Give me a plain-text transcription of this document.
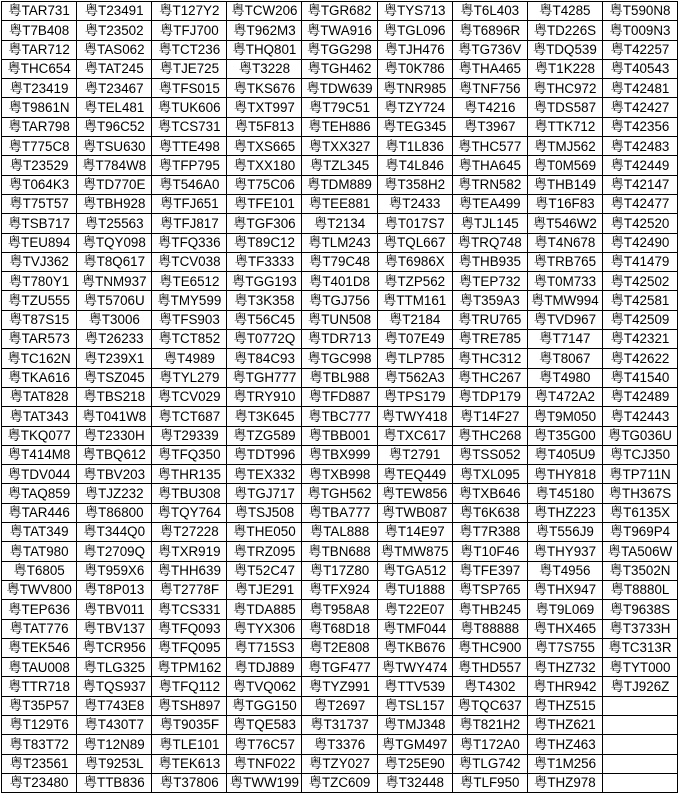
粤TAR731	粤T23491	粤T127Y2	粤TCW206	粤TGR682	粤TYS713	粤T6L403	粤T4285	粤T590N8
粤T7B408	粤T23502	粤TFJ700	粤T962M3	粤TWA916	粤TGL096	粤T6896R	粤TD226S	粤T009N3
粤TAR712	粤TAS062	粤TCT236	粤THQ801	粤TGG298	粤TJH476	粤TG736V	粤TDQ539	粤T42257
粤THC654	粤TAT245	粤TJE725	粤T3228	粤TGH462	粤T0K786	粤THA465	粤T1K228	粤T40543
粤T23419	粤T23467	粤TFS015	粤TKS676	粤TDW639	粤TNR985	粤TNF756	粤THC972	粤T42481
粤T9861N	粤TEL481	粤TUK606	粤TXT997	粤T79C51	粤TZY724	粤T4216	粤TDS587	粤T42427
粤TAR798	粤T96C52	粤TCS731	粤T5F813	粤TEH886	粤TEG345	粤T3967	粤TTK712	粤T42356
粤T775C8	粤TSU630	粤TTE498	粤TXS665	粤TXX327	粤T1L836	粤THC577	粤TMJ562	粤T42483
粤T23529	粤T784W8	粤TFP795	粤TXX180	粤TZL345	粤T4L846	粤THA645	粤T0M569	粤T42449
粤T064K3	粤TD770E	粤T546A0	粤T75C06	粤TDM889	粤T358H2	粤TRN582	粤THB149	粤T42147
粤T75T57	粤TBH928	粤TFJ651	粤TFE101	粤TEE881	粤T2433	粤TEA499	粤T16F83	粤T42477
粤TSB717	粤T25563	粤TFJ817	粤TGF306	粤T2134	粤T017S7	粤TJL145	粤T546W2	粤T42520
粤TEU894	粤TQY098	粤TFQ336	粤T89C12	粤TLM243	粤TQL667	粤TRQ748	粤T4N678	粤T42490
粤TVJ362	粤T8Q617	粤TCV038	粤TF3333	粤T79C48	粤T6986X	粤THB935	粤TRB765	粤T41479
粤T780Y1	粤TNM937	粤TE6512	粤TGG193	粤T401D8	粤TZP562	粤TEP732	粤T0M733	粤T42502
粤TZU555	粤T5706U	粤TMY599	粤T3K358	粤TGJ756	粤TTM161	粤T359A3	粤TMW994	粤T42581
粤T87S15	粤T3006	粤TFS903	粤T56C45	粤TUN508	粤T2184	粤TRU765	粤TVD967	粤T42509
粤TAR573	粤T26233	粤TCT852	粤T0772Q	粤TDR713	粤T07E49	粤TRE785	粤T7147	粤T42321
粤TC162N	粤T239X1	粤T4989	粤T84C93	粤TGC998	粤TLP785	粤THC312	粤T8067	粤T42622
粤TKA616	粤TSZ045	粤TYL279	粤TGH777	粤TBL988	粤T562A3	粤THC267	粤T4980	粤T41540
粤TAT828	粤TBS218	粤TCV029	粤TRY910	粤TFD887	粤TPS179	粤TDP179	粤T472A2	粤T42489
粤TAT343	粤T041W8	粤TCT687	粤T3K645	粤TBC777	粤TWY418	粤T14F27	粤T9M050	粤T42443
粤TKQ077	粤T2330H	粤T29339	粤TZG589	粤TBB001	粤TXC617	粤THC268	粤T35G00	粤TG036U
粤T414M8	粤TBQ612	粤TFQ350	粤TDT996	粤TBX999	粤T2791	粤TSS052	粤T405U9	粤TCJ350
粤TDV044	粤TBV203	粤THR135	粤TEX332	粤TXB998	粤TEQ449	粤TXL095	粤THY818	粤TP711N
粤TAQ859	粤TJZ232	粤TBU308	粤TGJ717	粤TGH562	粤TEW856	粤TXB646	粤T45180	粤TH367S
粤TAR446	粤T86800	粤TQY764	粤TSJ508	粤TBA777	粤TWB087	粤T6K638	粤THZ223	粤T6135X
粤TAT349	粤T344Q0	粤T27228	粤THE050	粤TAL888	粤T14E97	粤T7R388	粤T556J9	粤T969P4
粤TAT980	粤T2709Q	粤TXR919	粤TRZ095	粤TBN688	粤TMW875	粤T10F46	粤THY937	粤TA506W
粤T6805	粤T959X6	粤THH639	粤T52C47	粤T17Z80	粤TGA512	粤TFE397	粤T4956	粤T3502N
粤TWV800	粤T8P013	粤T2778F	粤TJE291	粤TFX924	粤TU1888	粤TSP765	粤THX947	粤T8880L
粤TEP636	粤TBV011	粤TCS331	粤TDA885	粤T958A8	粤T22E07	粤THB245	粤T9L069	粤T9638S
粤TAT776	粤TBV137	粤TFQ093	粤TYX306	粤T68D18	粤TMF044	粤T88888	粤THX465	粤T3733H
粤TEK546	粤TCR956	粤TFQ095	粤T715S3	粤T2E808	粤TKB676	粤THC900	粤T7S755	粤TC313R
粤TAU008	粤TLG325	粤TPM162	粤TDJ889	粤TGF477	粤TWY474	粤THD557	粤THZ732	粤TYT000
粤TTR718	粤TQS937	粤TFQ112	粤TVQ062	粤TYZ991	粤TTV539	粤T4302	粤THR942	粤TJ926Z
粤T35P57	粤T743E8	粤TSH897	粤TGG150	粤T2697	粤TSL157	粤TQC637	粤THZ515	
粤T129T6	粤T430T7	粤T9035F	粤TQE583	粤T31737	粤TMJ348	粤T821H2	粤THZ621	
粤T83T72	粤T12N89	粤TLE101	粤T76C57	粤T3376	粤TGM497	粤T172A0	粤THZ463	
粤T23561	粤T9253L	粤TEK613	粤TNF022	粤TZY027	粤T25E90	粤TLG742	粤T1M256	
粤T23480	粤TTB836	粤T37806	粤TWW199	粤TZC609	粤T32448	粤TLF950	粤THZ978	
